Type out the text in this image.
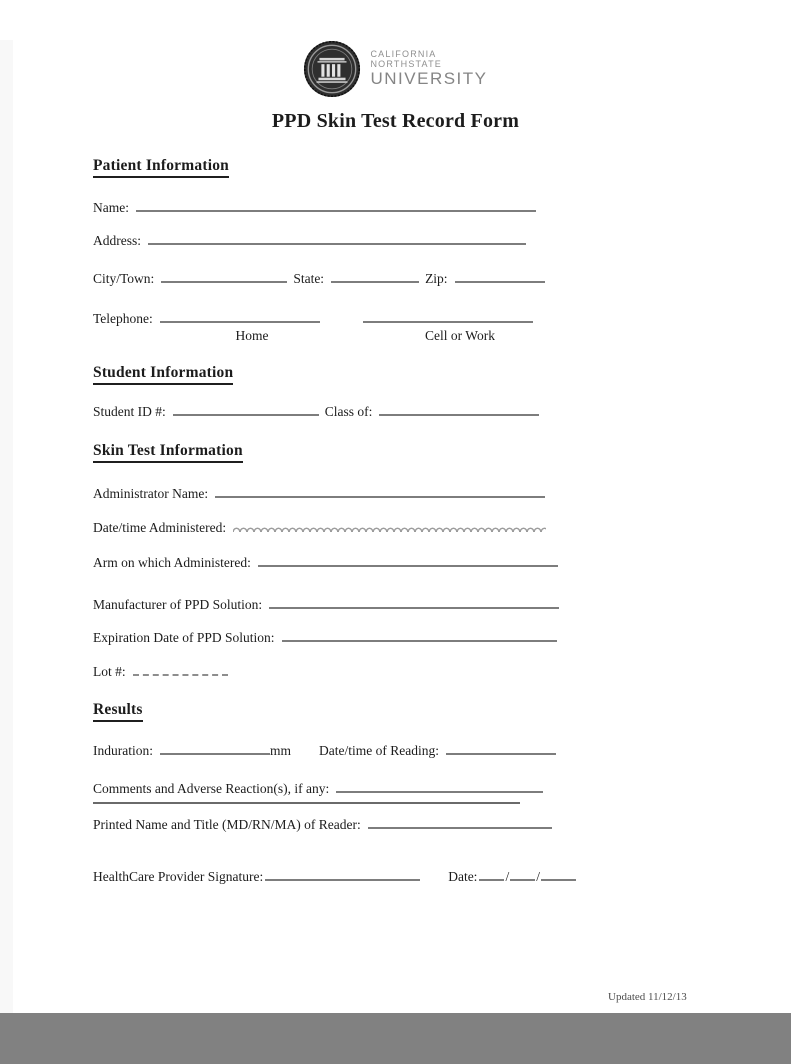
CALIFORNIA
NORTHSTATE
UNIVERSITY
PPD Skin Test Record Form
Patient Information
Name:
Address:
City/Town:	State:	Zip:
Telephone:
Home	Cell or Work
Student Information
Student ID #:	Class of:
Skin Test Information
Administrator Name:
Date/time Administered:
Arm on which Administered:
Manufacturer of PPD Solution:
Expiration Date of PPD Solution:
Lot #:
Results
Induration:	mm Date/time of Reading:
Comments and Adverse Reaction(s), if any:
Printed Name and Title (MD/RN/MA) of Reader:
HealthCare Provider Signature:	Date: / /
Updated 11/12/13
